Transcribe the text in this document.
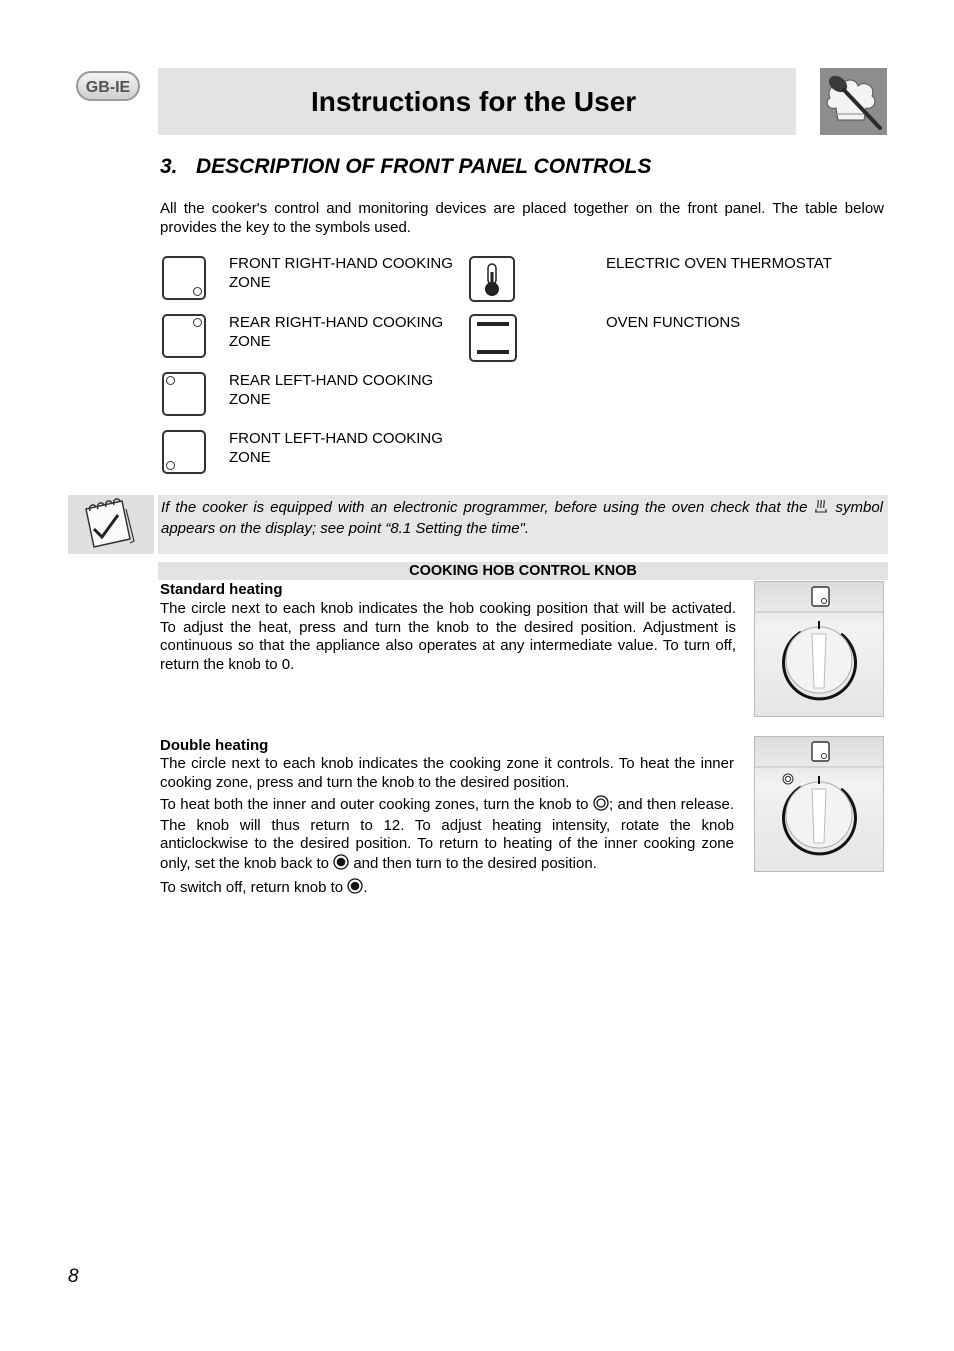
GB-IE	Instructions for the User
3. DESCRIPTION OF FRONT PANEL CONTROLS
All the cooker's control and monitoring devices are placed together on the front panel. The table below provides the key to the symbols used.
FRONT RIGHT-HAND COOKING ZONE
REAR RIGHT-HAND COOKING ZONE
REAR LEFT-HAND COOKING ZONE
FRONT LEFT-HAND COOKING ZONE
ELECTRIC OVEN THERMOSTAT
OVEN FUNCTIONS
If the cooker is equipped with an electronic programmer, before using the oven check that the symbol appears on the display; see point “8.1 Setting the time".
COOKING HOB CONTROL KNOB
Standard heating
The circle next to each knob indicates the hob cooking position that will be activated. To adjust the heat, press and turn the knob to the desired position. Adjustment is continuous so that the appliance also operates at any intermediate value. To turn off, return the knob to 0.
Double heating
The circle next to each knob indicates the cooking zone it controls. To heat the inner cooking zone, press and turn the knob to the desired position.
To heat both the inner and outer cooking zones, turn the knob to ; and then release. The knob will thus return to 12. To adjust heating intensity, rotate the knob anticlockwise to the desired position. To return to heating of the inner cooking zone only, set the knob back to and then turn to the desired position.
To switch off, return knob to .
8
